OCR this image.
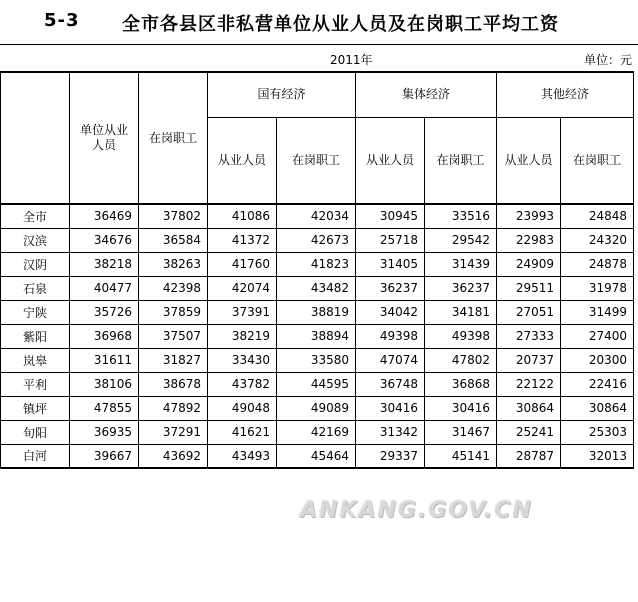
5-3 全市各县区非私营单位从业人员及在岗职工平均工资
2011年	单位：元

	单位从业人员	在岗职工	国有经济		集体经济		其他经济	
			从业人员	在岗职工	从业人员	在岗职工	从业人员	在岗职工
全市	36469	37802	41086	42034	30945	33516	23993	24848
汉滨	34676	36584	41372	42673	25718	29542	22983	24320
汉阴	38218	38263	41760	41823	31405	31439	24909	24878
石泉	40477	42398	42074	43482	36237	36237	29511	31978
宁陕	35726	37859	37391	38819	34042	34181	27051	31499
紫阳	36968	37507	38219	38894	49398	49398	27333	27400
岚皋	31611	31827	33430	33580	47074	47802	20737	20300
平利	38106	38678	43782	44595	36748	36868	22122	22416
镇坪	47855	47892	49048	49089	30416	30416	30864	30864
旬阳	36935	37291	41621	42169	31342	31467	25241	25303
白河	39667	43692	43493	45464	29337	45141	28787	32013
ANKANG.GOV.CN
